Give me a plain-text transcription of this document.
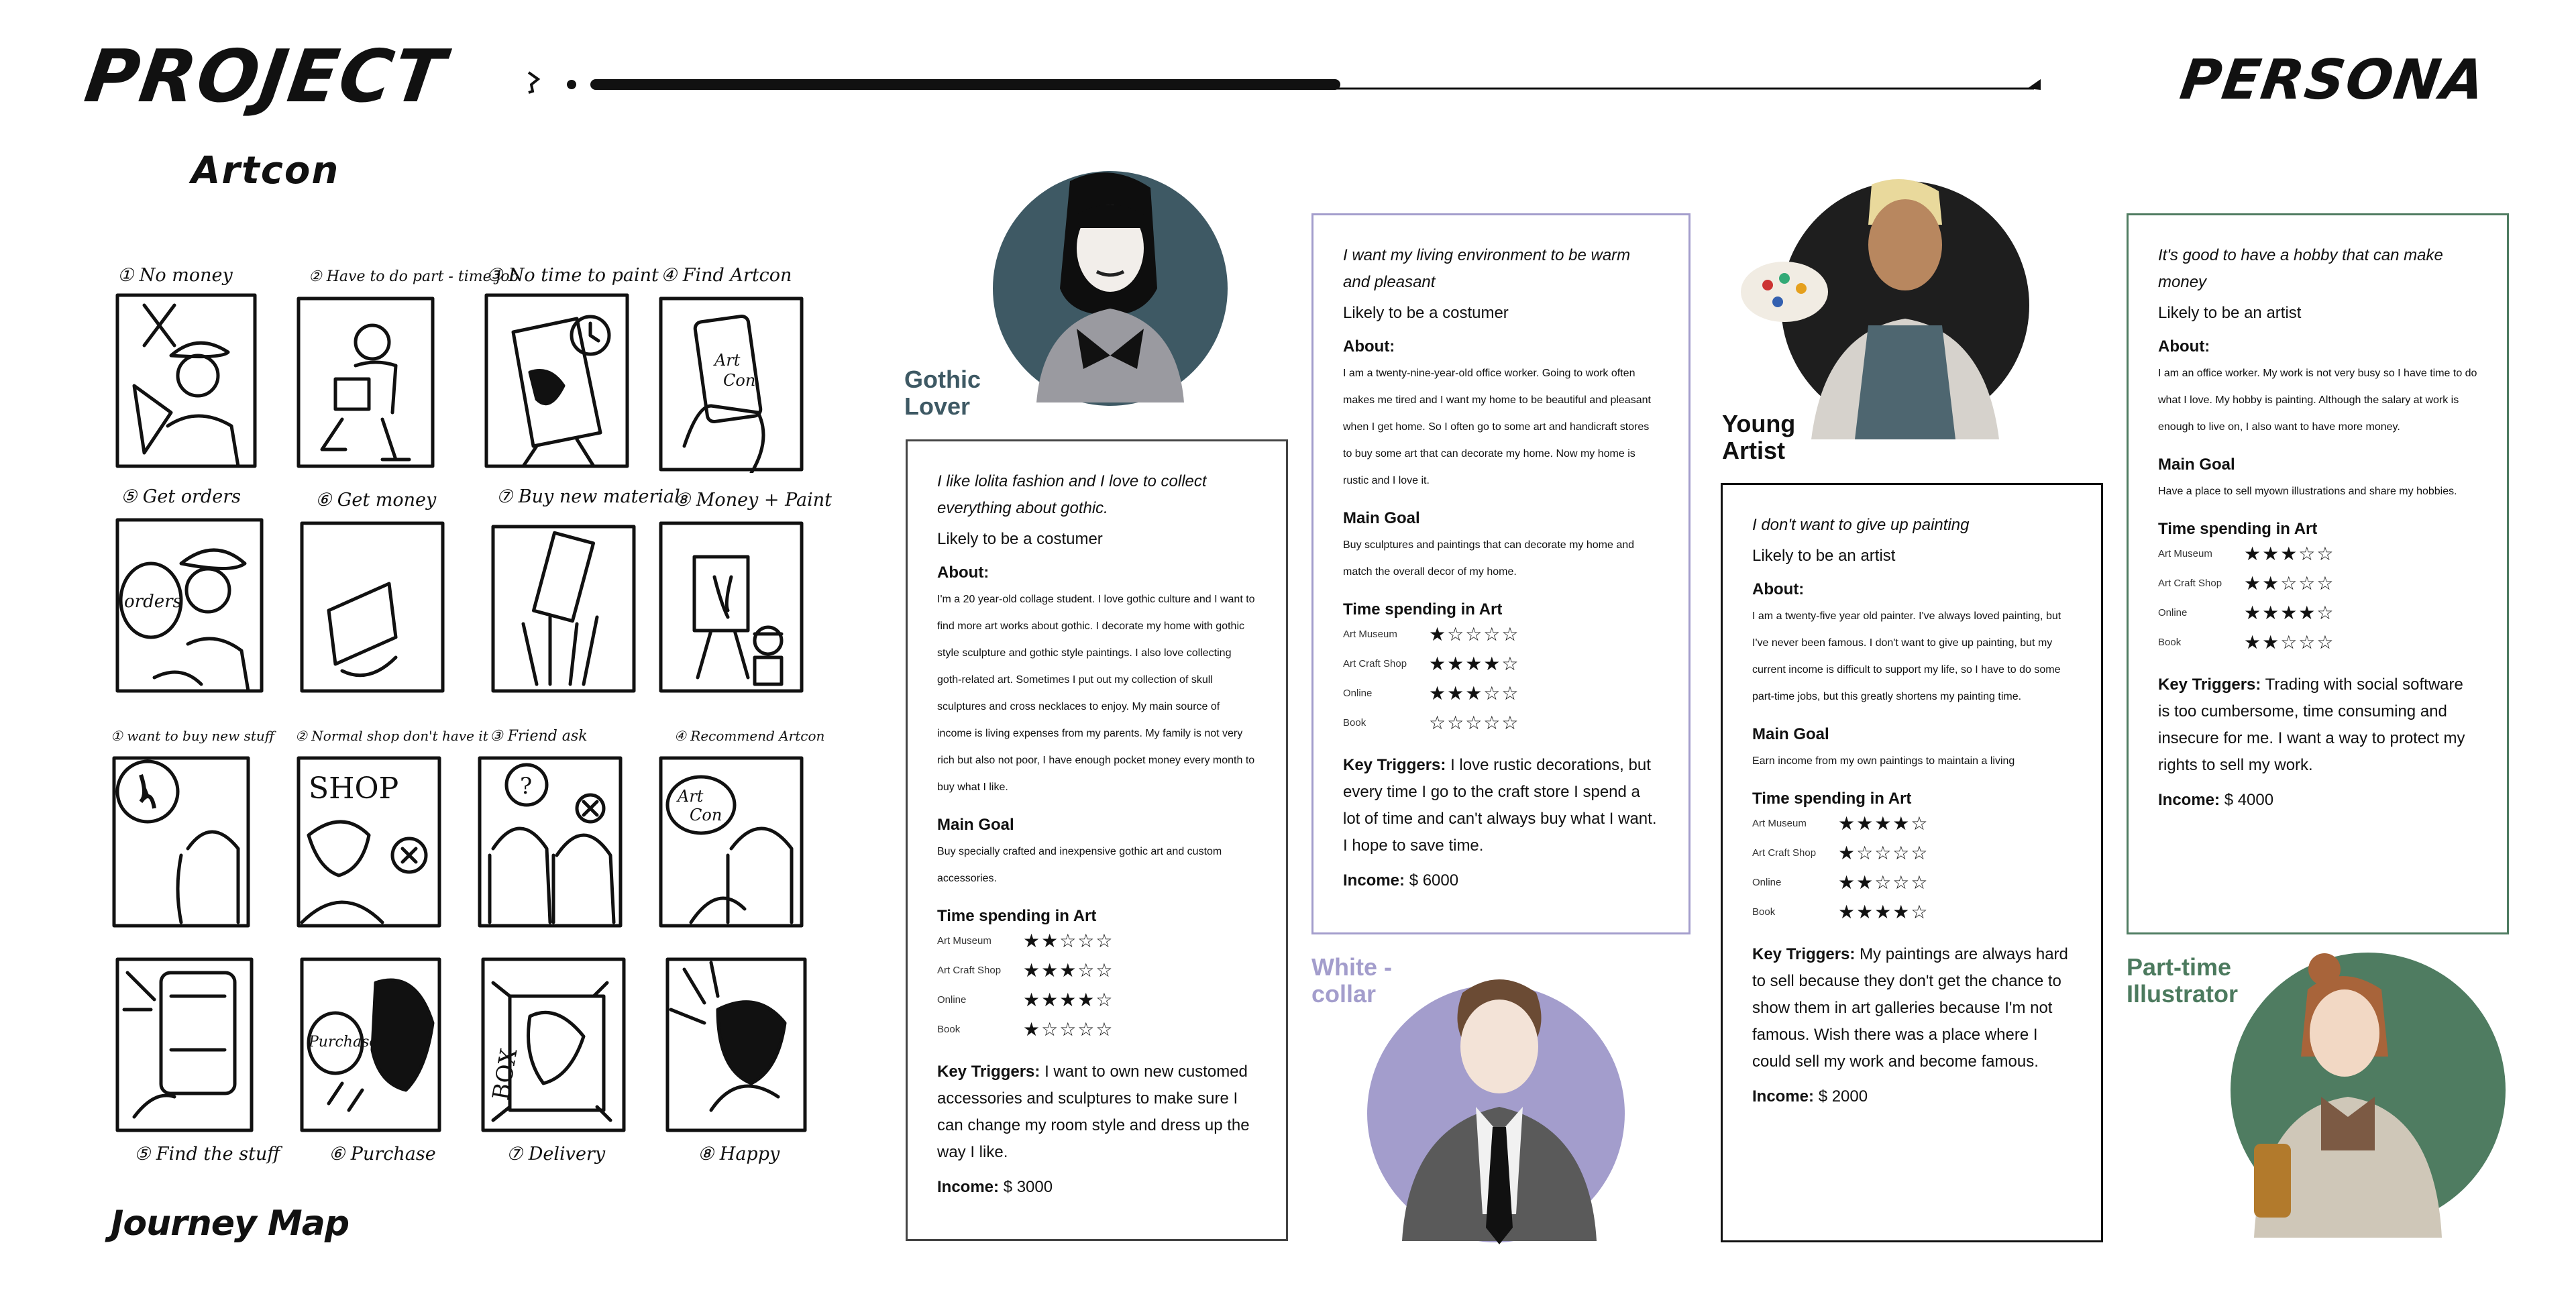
PROJECT	PERSONA
Artcon
① No money	② Have to do part - time job
③ No time to paint ④ Find Artcon
Art
Con
⑤ Get orders	⑥ Get money	⑦ Buy new material
⑧ Money + Paint
orders
① want to buy new stuff ② Normal shop don't have it ③ Friend ask	④ Recommend Artcon
SHOP	?	Art
Con
Purchase
BOX
⑤ Find the stuff	⑥ Purchase	⑦ Delivery	⑧ Happy
Journey Map
Gothic Lover
I like lolita fashion and I love to collect everything about gothic.
Likely to be a costumer
About:
I'm a 20 year-old collage student. I love gothic culture and I want to find more art works about gothic. I decorate my home with gothic style sculpture and gothic style paintings. I also love collecting goth-related art. Sometimes I put out my collection of skull sculptures and cross necklaces to enjoy. My main source of income is living expenses from my parents. My family is not very rich but also not poor, I have enough pocket money every month to buy what I like.
Main Goal
Buy specially crafted and inexpensive gothic art and custom accessories.
Time spending in Art
Art Museum	★★☆☆☆
Art Craft Shop	★★★☆☆
Online	★★★★☆
Book	★☆☆☆☆
Key Triggers: I want to own new customed accessories and sculptures to make sure I can change my room style and dress up the way I like.
Income: $ 3000
I want my living environment to be warm and pleasant
Likely to be a costumer
About:
I am a twenty-nine-year-old office worker. Going to work often makes me tired and I want my home to be beautiful and pleasant when I get home. So I often go to some art and handicraft stores to buy some art that can decorate my home. Now my home is rustic and I love it.
Main Goal
Buy sculptures and paintings that can decorate my home and match the overall decor of my home.
Time spending in Art
Art Museum	★☆☆☆☆
Art Craft Shop	★★★★☆
Online	★★★☆☆
Book	☆☆☆☆☆
Key Triggers: I love rustic decorations, but every time I go to the craft store I spend a lot of time and can't always buy what I want. I hope to save time.
Income: $ 6000
White - collar
Young Artist
I don't want to give up painting
Likely to be an artist
About:
I am a twenty-five year old painter. I've always loved painting, but I've never been famous. I don't want to give up painting, but my current income is difficult to support my life, so I have to do some part-time jobs, but this greatly shortens my painting time.
Main Goal
Earn income from my own paintings to maintain a living
Time spending in Art
Art Museum	★★★★☆
Art Craft Shop	★☆☆☆☆
Online	★★☆☆☆
Book	★★★★☆
Key Triggers: My paintings are always hard to sell because they don't get the chance to show them in art galleries because I'm not famous. Wish there was a place where I could sell my work and become famous.
Income: $ 2000
It's good to have a hobby that can make money
Likely to be an artist
About:
I am an office worker. My work is not very busy so I have time to do what I love. My hobby is painting. Although the salary at work is enough to live on, I also want to have more money.
Main Goal
Have a place to sell myown illustrations and share my hobbies.
Time spending in Art
Art Museum	★★★☆☆
Art Craft Shop	★★☆☆☆
Online	★★★★☆
Book	★★☆☆☆
Key Triggers: Trading with social software is too cumbersome, time consuming and insecure for me. I want a way to protect my rights to sell my work.
Income: $ 4000
Part-time Illustrator
